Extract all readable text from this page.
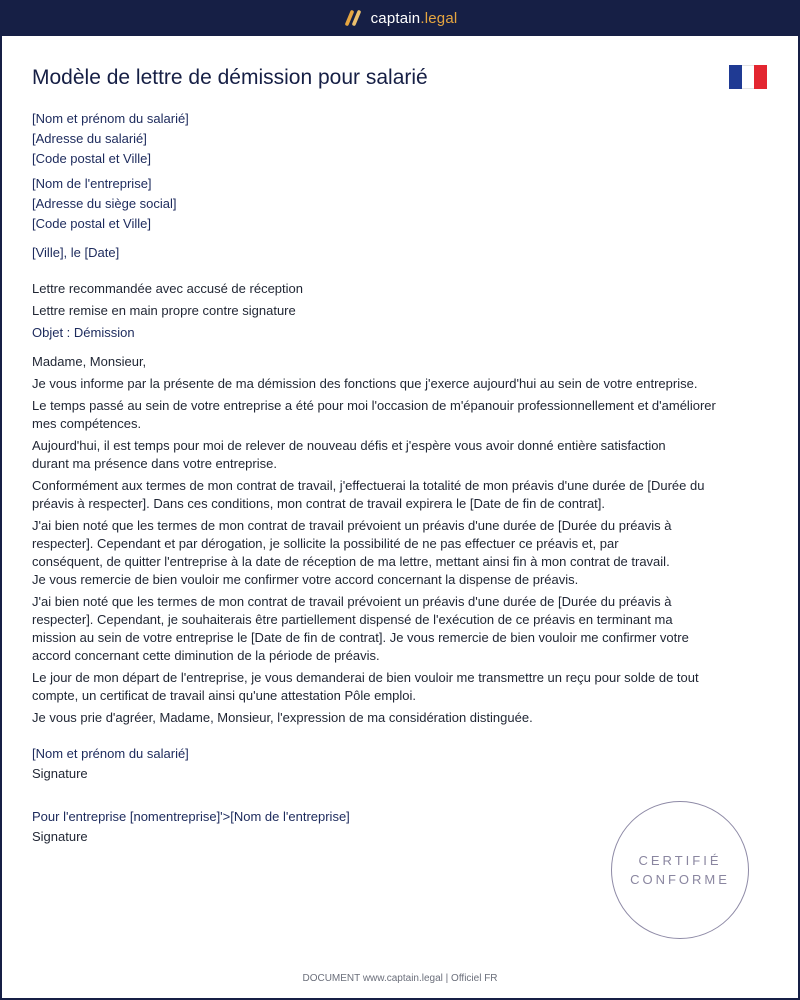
captain.legal
Modèle de lettre de démission pour salarié
[Nom et prénom du salarié]
[Adresse du salarié]
[Code postal et Ville]
[Nom de l'entreprise]
[Adresse du siège social]
[Code postal et Ville]
[Ville], le [Date]
Lettre recommandée avec accusé de réception
Lettre remise en main propre contre signature
Objet : Démission
Madame, Monsieur,
Je vous informe par la présente de ma démission des fonctions que j'exerce aujourd'hui au sein de votre entreprise.
Le temps passé au sein de votre entreprise a été pour moi l'occasion de m'épanouir professionnellement et d'améliorer
mes compétences.
Aujourd'hui, il est temps pour moi de relever de nouveau défis et j'espère vous avoir donné entière satisfaction
durant ma présence dans votre entreprise.
Conformément aux termes de mon contrat de travail, j'effectuerai la totalité de mon préavis d'une durée de [Durée du
préavis à respecter]. Dans ces conditions, mon contrat de travail expirera le [Date de fin de contrat].
J'ai bien noté que les termes de mon contrat de travail prévoient un préavis d'une durée de [Durée du préavis à
respecter]. Cependant et par dérogation, je sollicite la possibilité de ne pas effectuer ce préavis et, par
conséquent, de quitter l'entreprise à la date de réception de ma lettre, mettant ainsi fin à mon contrat de travail.
Je vous remercie de bien vouloir me confirmer votre accord concernant la dispense de préavis.
J'ai bien noté que les termes de mon contrat de travail prévoient un préavis d'une durée de [Durée du préavis à
respecter]. Cependant, je souhaiterais être partiellement dispensé de l'exécution de ce préavis en terminant ma
mission au sein de votre entreprise le [Date de fin de contrat]. Je vous remercie de bien vouloir me confirmer votre
accord concernant cette diminution de la période de préavis.
Le jour de mon départ de l'entreprise, je vous demanderai de bien vouloir me transmettre un reçu pour solde de tout
compte, un certificat de travail ainsi qu'une attestation Pôle emploi.
Je vous prie d'agréer, Madame, Monsieur, l'expression de ma considération distinguée.
[Nom et prénom du salarié]
Signature
Pour l'entreprise [nomentreprise]'>[Nom de l'entreprise]
Signature
CERTIFIÉ
CONFORME
DOCUMENT www.captain.legal | Officiel FR
